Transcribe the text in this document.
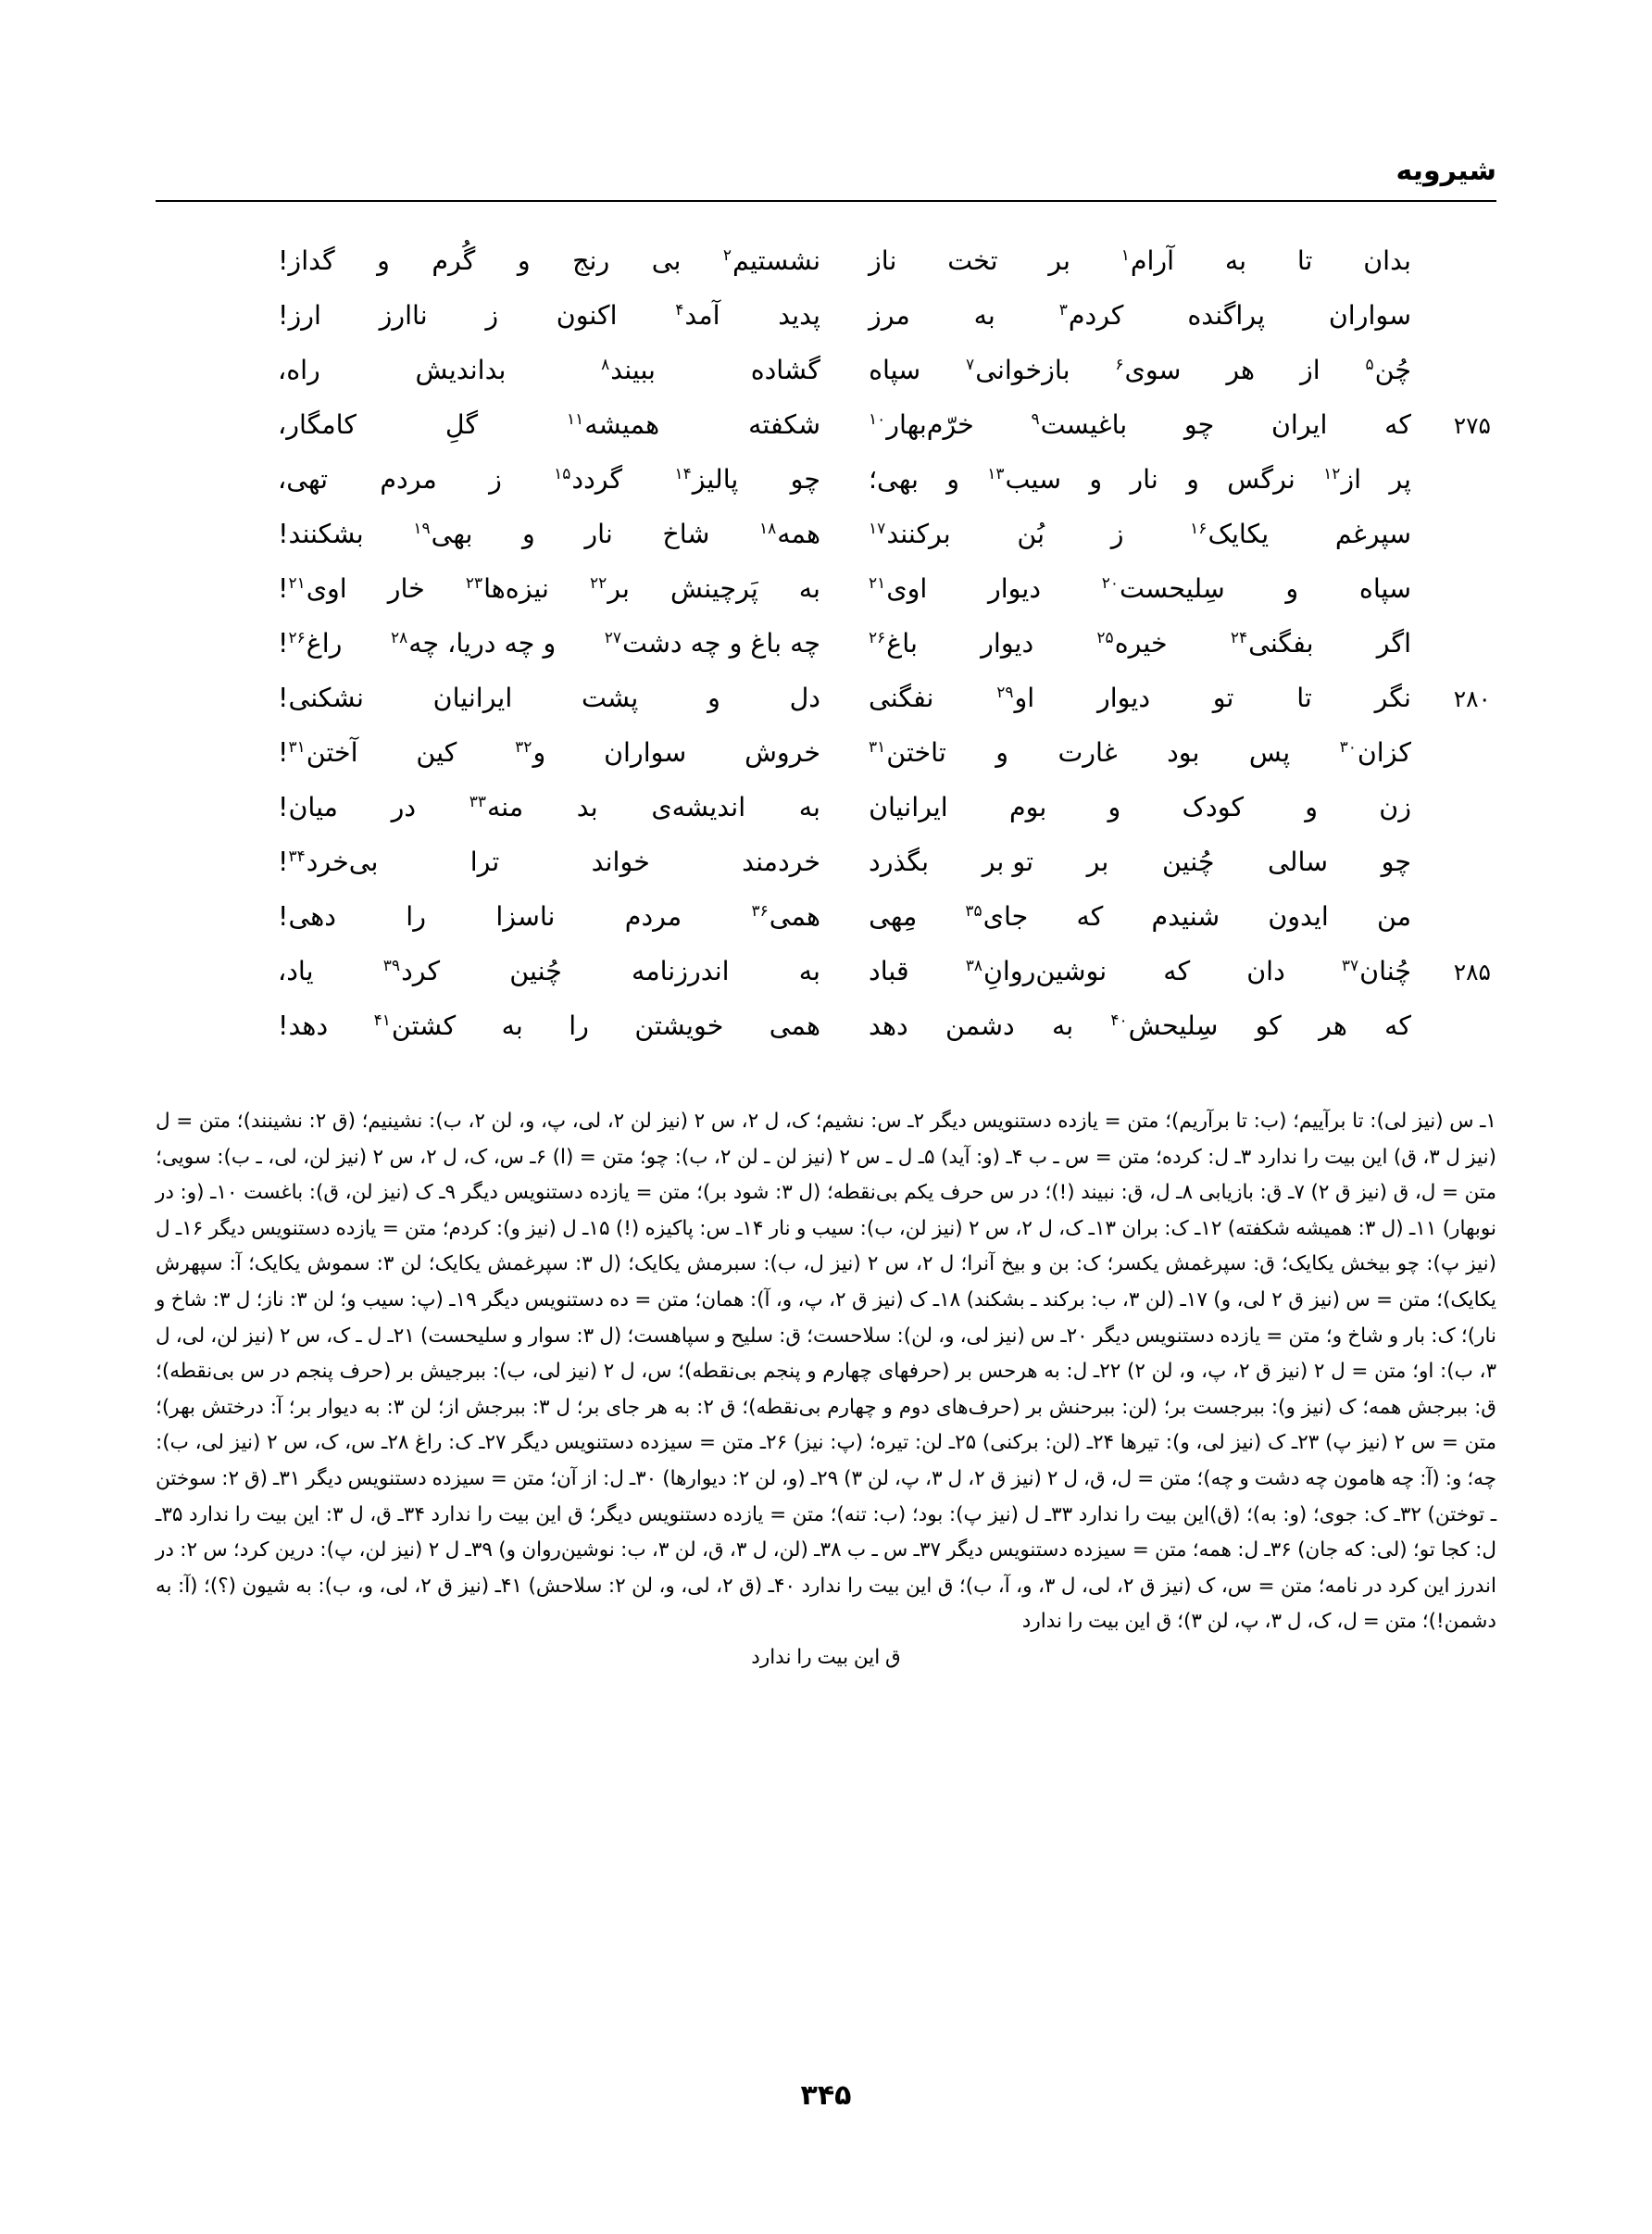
شیرویه
بدان
تا
به
آرام$^۱$
بر
تخت
ناز
نشستیم$^۲$
بی
رنج
و
گُرم
و
گداز!
سواران
پراگنده
کردم$^۳$
به
مرز
پدید
آمد$^۴$
اکنون
ز
ناارز
ارز!
چُن$^۵$
از
هر
سوی$^۶$
بازخوانی$^۷$
سپاه
گشاده
ببیند$^۸$
بداندیش
راه،
۲۷۵
که
ایران
چو
باغیست$^۹$
خرّم‌بهار$^{۱۰}$
شکفته
همیشه$^{۱۱}$
گلِ
کامگار،
پر
از$^{۱۲}$
نرگس
و
نار
و
سیب$^{۱۳}$
و
بهی؛
چو
پالیز$^{۱۴}$
گردد$^{۱۵}$
ز
مردم
تهی،
سپرغم
یکایک$^{۱۶}$
ز
بُن
برکنند$^{۱۷}$
همه$^{۱۸}$
شاخ
نار
و
بهی$^{۱۹}$
بشکنند!
سپاه
و
سِلیحست$^{۲۰}$
دیوار
اوی$^{۲۱}$
به
پَرچینش
بر$^{۲۲}$
نیزه‌ها$^{۲۳}$
خار
اوی$^{۲۱}$!
اگر
بفگنی$^{۲۴}$
خیره$^{۲۵}$
دیوار
باغ$^{۲۶}$
چه باغ و چه دشت$^{۲۷}$
و چه دریا، چه$^{۲۸}$
راغ$^{۲۶}$!
۲۸۰
نگر
تا
تو
دیوار
او$^{۲۹}$
نفگنی
دل
و
پشت
ایرانیان
نشکنی!
کزان$^{۳۰}$
پس
بود
غارت
و
تاختن$^{۳۱}$
خروش
سواران
و$^{۳۲}$
کین
آختن$^{۳۱}$!
زن
و
کودک
و
بوم
ایرانیان
به
اندیشه‌ی
بد
منه$^{۳۳}$
در
میان!
چو
سالی
چُنین
بر
تو بر
بگذرد
خردمند
خواند
ترا
بی‌خرد$^{۳۴}$!
من
ایدون
شنیدم
که
جای$^{۳۵}$
مِهی
همی$^{۳۶}$
مردم
ناسزا
را
دهی!
۲۸۵
چُنان$^{۳۷}$
دان
که
نوشین‌روانِ$^{۳۸}$
قباد
به
اندرزنامه
چُنین
کرد$^{۳۹}$
یاد،
که
هر
کو
سِلیحش$^{۴۰}$
به
دشمن
دهد
همی
خویشتن
را
به
کشتن$^{۴۱}$
دهد!

۱ـ س (نیز لی): تا برآییم؛ (ب: تا برآریم)؛ متن = یازده دستنویس دیگر ۲ـ س: نشیم؛ ک، ل ۲، س ۲ (نیز لن ۲، لی، پ، و، لن ۲، ب): نشینیم؛ (ق ۲: نشینند)؛ متن = ل (نیز ل ۳، ق) این بیت را ندارد ۳ـ ل: کرده؛ متن = س ـ ب ۴ـ (و: آید) ۵ـ ل ـ س ۲ (نیز لن ـ لن ۲، ب): چو؛ متن = (ا) ۶ـ س، ک، ل ۲، س ۲ (نیز لن، لی، ـ ب): سویی؛ متن = ل، ق (نیز ق ۲) ۷ـ ق: بازیابی ۸ـ ل، ق: نبیند (!)؛ در س حرف یکم بی‌نقطه؛ (ل ۳: شود بر)؛ متن = یازده دستنویس دیگر ۹ـ ک (نیز لن، ق): باغست ۱۰ـ (و: در نوبهار) ۱۱ـ (ل ۳: همیشه شکفته) ۱۲ـ ک: بران ۱۳ـ ک، ل ۲، س ۲ (نیز لن، ب): سیب و نار ۱۴ـ س: پاکیزه (!) ۱۵ـ ل (نیز و): کردم؛ متن = یازده دستنویس دیگر ۱۶ـ ل (نیز پ): چو بیخش یکایک؛ ق: سپرغمش یکسر؛ ک: بن و بیخ آنرا؛ ل ۲، س ۲ (نیز ل، ب): سبرمش یکایک؛ (ل ۳: سپرغمش یکایک؛ لن ۳: سموش یکایک؛ آ: سپهرش یکایک)؛ متن = س (نیز ق ۲ لی، و) ۱۷ـ (لن ۳، ب: برکند ـ بشکند) ۱۸ـ ک (نیز ق ۲، پ، و، آ): همان؛ متن = ده دستنویس دیگر ۱۹ـ (پ: سیب و؛ لن ۳: ناز؛ ل ۳: شاخ و نار)؛ ک: بار و شاخ و؛ متن = یازده دستنویس دیگر ۲۰ـ س (نیز لی، و، لن): سلاحست؛ ق: سلیح و سپاهست؛ (ل ۳: سوار و سلیحست) ۲۱ـ ل ـ ک، س ۲ (نیز لن، لی، ل ۳، ب): او؛ متن = ل ۲ (نیز ق ۲، پ، و، لن ۲) ۲۲ـ ل: به هرحس بر (حرفهای چهارم و پنجم بی‌نقطه)؛ س، ل ۲ (نیز لی، ب): ببرجیش بر (حرف پنجم در س بی‌نقطه)؛ ق: ببرجش همه؛ ک (نیز و): ببرجست بر؛ (لن: ببرحنش بر (حرف‌های دوم و چهارم بی‌نقطه)؛ ق ۲: به هر جای بر؛ ل ۳: ببرجش از؛ لن ۳: به دیوار بر؛ آ: درختش بهر)؛ متن = س ۲ (نیز پ) ۲۳ـ ک (نیز لی، و): تیرها ۲۴ـ (لن: برکنی) ۲۵ـ لن: تیره؛ (پ: نیز) ۲۶ـ متن = سیزده دستنویس دیگر ۲۷ـ ک: راغ ۲۸ـ س، ک، س ۲ (نیز لی، ب): چه؛ و: (آ: چه هامون چه دشت و چه)؛ متن = ل، ق، ل ۲ (نیز ق ۲، ل ۳، پ، لن ۳) ۲۹ـ (و، لن ۲: دیوارها) ۳۰ـ ل: از آن؛ متن = سیزده دستنویس دیگر ۳۱ـ (ق ۲: سوختن ـ توختن) ۳۲ـ ک: جوی؛ (و: به)؛ (ق)این بیت را ندارد ۳۳ـ ل (نیز پ): بود؛ (ب: تنه)؛ متن = یازده دستنویس دیگر؛ ق این بیت را ندارد ۳۴ـ ق، ل ۳: این بیت را ندارد ۳۵ـ ل: کجا تو؛ (لی: که جان) ۳۶ـ ل: همه؛ متن = سیزده دستنویس دیگر ۳۷ـ س ـ ب ۳۸ـ (لن، ل ۳، ق، لن ۳، ب: نوشین‌روان و) ۳۹ـ ل ۲ (نیز لن، پ): درین کرد؛ س ۲: در اندرز این کرد در نامه؛ متن = س، ک (نیز ق ۲، لی، ل ۳، و، آ، ب)؛ ق این بیت را ندارد ۴۰ـ (ق ۲، لی، و، لن ۲: سلاحش) ۴۱ـ (نیز ق ۲، لی، و، ب): به شیون (؟)؛ (آ: به دشمن!)؛ متن = ل، ک، ل ۳، پ، لن ۳)؛ ق این بیت را ندارد

ق این بیت را ندارد

۳۴۵
